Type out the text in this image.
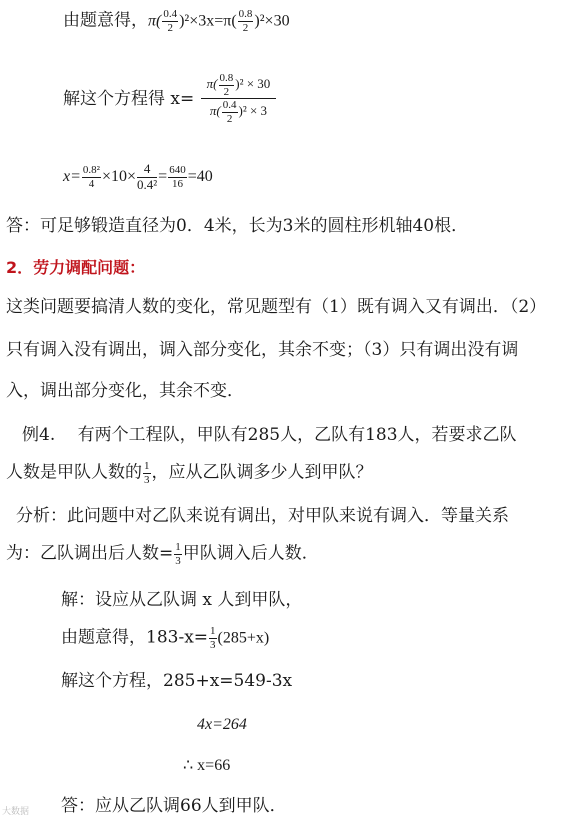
由题意得，$\pi( \frac{0.4}{2} )^2\times 3x=\pi( \frac{0.8}{2} )^2\times 30$
解这个方程得 $x= \frac{\pi( \frac{0.8}{2} )^2 \times 30}{\pi( \frac{0.4}{2} )^2 \times 3}$
$x= \frac{\text{0.8²}}{4} \times 10\times \frac{4}{\text{0.4²}} = \frac{640}{16} =40$
答：可足够锻造直径为0．4米，长为3米的圆柱形机轴40根．
2．劳力调配问题：
这类问题要搞清人数的变化，常见题型有（1）既有调入又有调出．（2）
只有调入没有调出，调入部分变化，其余不变；（3）只有调出没有调
入，调出部分变化，其余不变．
例4.　 有两个工程队，甲队有285人，乙队有183人，若要求乙队
人数是甲队人数的 $\frac{1}{3}$ ，应从乙队调多少人到甲队？
分析：此问题中对乙队来说有调出，对甲队来说有调入．等量关系
为：乙队调出后人数= $\frac{1}{3}$ 甲队调入后人数．
解：设应从乙队调 x 人到甲队，
由题意得，$183-x= \frac{1}{3} (285+x)$
解这个方程，285+x=549-3x
4x=264
∴ x=66
答：应从乙队调66人到甲队．
大数据
